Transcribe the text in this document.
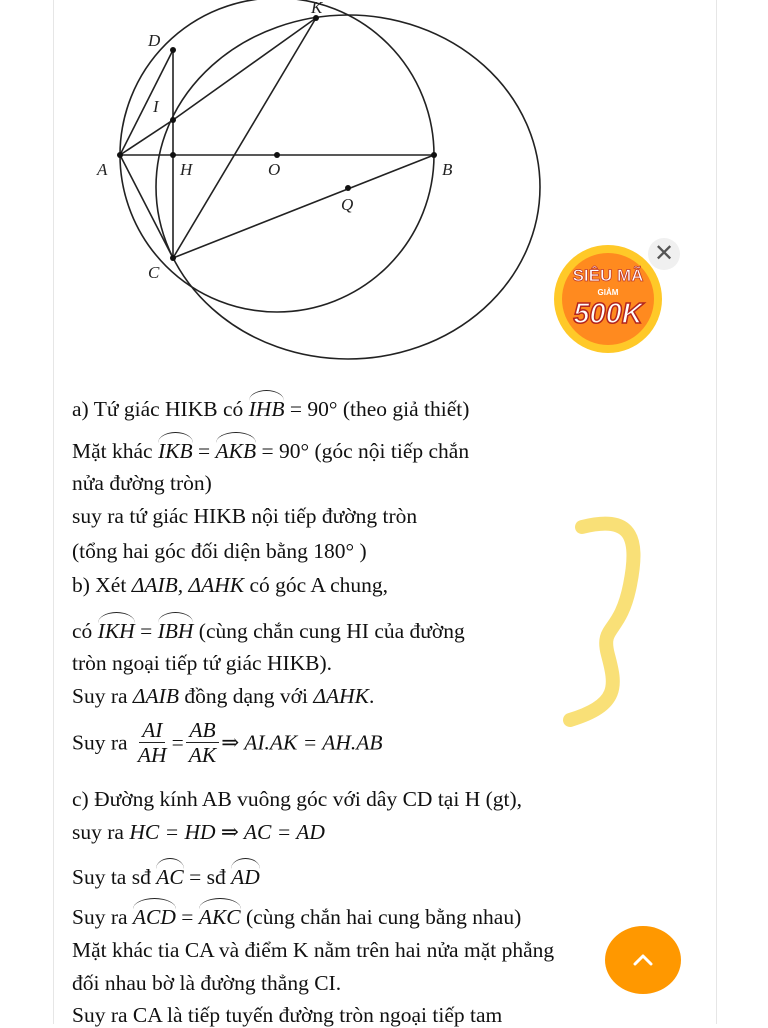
K
D
I
A	H	O	B
Q
C	SIÊU MÃ
GIẢM
500K
✕
a) Tứ giác HIKB có IHB = 90° (theo giả thiết)
Mặt khác IKB = AKB = 90° (góc nội tiếp chắn
nửa đường tròn)
suy ra tứ giác HIKB nội tiếp đường tròn
(tổng hai góc đối diện bằng 180° )
b) Xét ΔAIB, ΔAHK có góc A chung,
có IKH = IBH (cùng chắn cung HI của đường
tròn ngoại tiếp tứ giác HIKB).
Suy ra ΔAIB đồng dạng với ΔAHK.
Suy ra $\frac{AI}{AH} = \frac{AB}{AK}$ ⇒ AI.AK = AH.AB
c) Đường kính AB vuông góc với dây CD tại H (gt),
suy ra HC = HD ⇒ AC = AD
Suy ta sđ AC = sđ AD
Suy ra ACD = AKC (cùng chắn hai cung bằng nhau)
Mặt khác tia CA và điểm K nằm trên hai nửa mặt phẳng
đối nhau bờ là đường thẳng CI.
Suy ra CA là tiếp tuyến đường tròn ngoại tiếp tam
